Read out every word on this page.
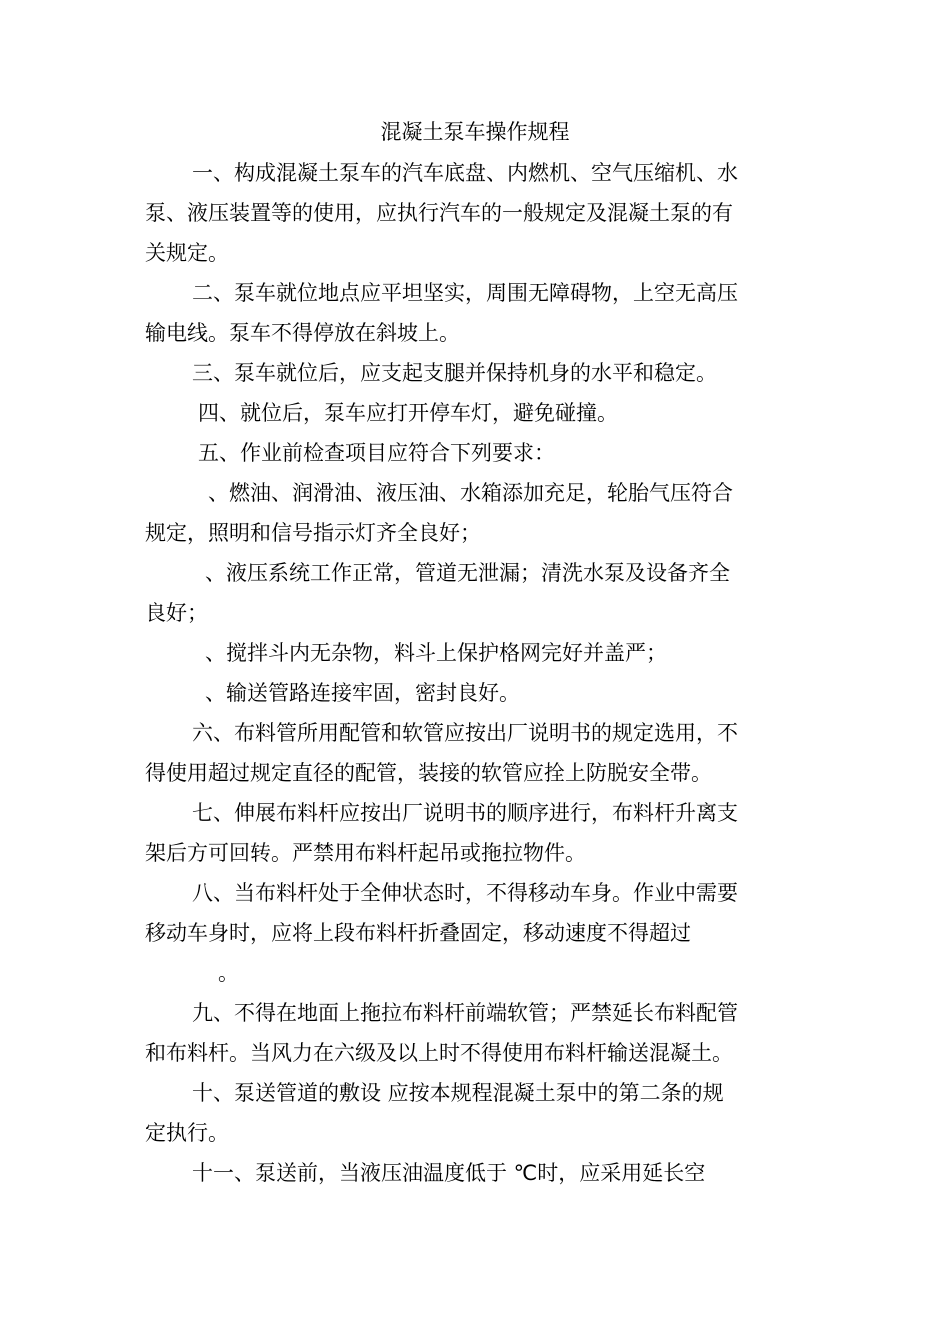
混凝土泵车操作规程
一、构成混凝土泵车的汽车底盘、内燃机、空气压缩机、水
泵、液压装置等的使用，应执行汽车的一般规定及混凝土泵的有
关规定。
二、泵车就位地点应平坦坚实，周围无障碍物，上空无高压
输电线。泵车不得停放在斜坡上。
三、泵车就位后，应支起支腿并保持机身的水平和稳定。
四、就位后，泵车应打开停车灯，避免碰撞。
五、作业前检查项目应符合下列要求：
、燃油、润滑油、液压油、水箱添加充足，轮胎气压符合
规定，照明和信号指示灯齐全良好；
、液压系统工作正常，管道无泄漏；清洗水泵及设备齐全
良好；
、搅拌斗内无杂物，料斗上保护格网完好并盖严；
、输送管路连接牢固，密封良好。
六、布料管所用配管和软管应按出厂说明书的规定选用，不
得使用超过规定直径的配管，装接的软管应拴上防脱安全带。
七、伸展布料杆应按出厂说明书的顺序进行，布料杆升离支
架后方可回转。严禁用布料杆起吊或拖拉物件。
八、当布料杆处于全伸状态时，不得移动车身。作业中需要
移动车身时，应将上段布料杆折叠固定，移动速度不得超过
。
九、不得在地面上拖拉布料杆前端软管；严禁延长布料配管
和布料杆。当风力在六级及以上时不得使用布料杆输送混凝土。
十、泵送管道的敷设 应按本规程混凝土泵中的第二条的规
定执行。
十一、泵送前，当液压油温度低于 ℃时，应采用延长空
